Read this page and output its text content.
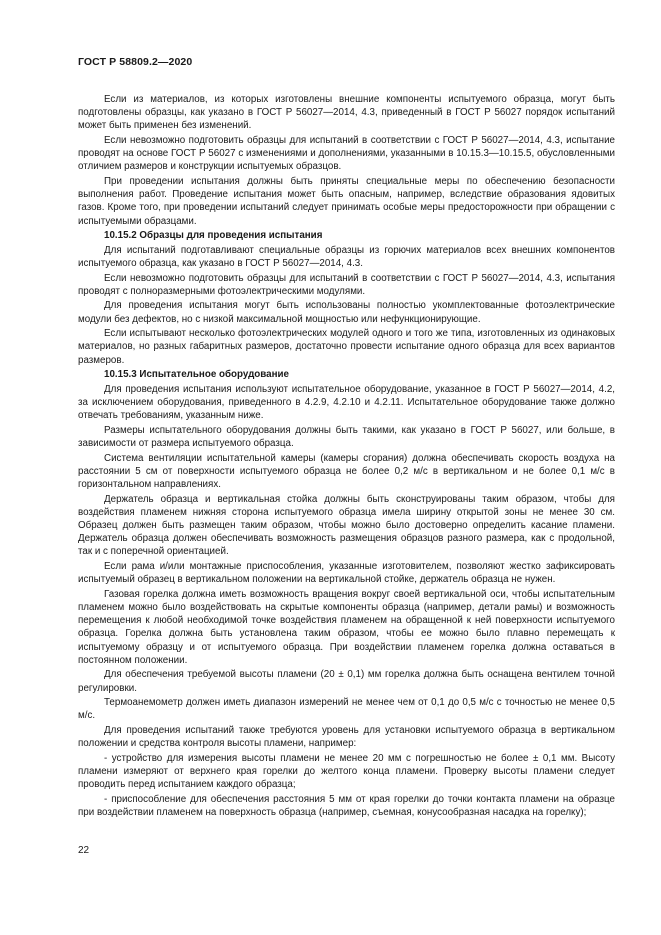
ГОСТ Р 58809.2—2020

Если из материалов, из которых изготовлены внешние компоненты испытуемого образца, могут быть подготовлены образцы, как указано в ГОСТ Р 56027—2014, 4.3, приведенный в ГОСТ Р 56027 порядок испытаний может быть применен без изменений.

Если невозможно подготовить образцы для испытаний в соответствии с ГОСТ Р 56027—2014, 4.3, испытание проводят на основе ГОСТ Р 56027 с изменениями и дополнениями, указанными в 10.15.3—10.15.5, обусловленными отличием размеров и конструкции испытуемых образцов.

При проведении испытания должны быть приняты специальные меры по обеспечению безопасности выполнения работ. Проведение испытания может быть опасным, например, вследствие образования ядовитых газов. Кроме того, при проведении испытаний следует принимать особые меры предосторожности при обращении с испытуемыми образцами.

10.15.2 Образцы для проведения испытания

Для испытаний подготавливают специальные образцы из горючих материалов всех внешних компонентов испытуемого образца, как указано в ГОСТ Р 56027—2014, 4.3.

Если невозможно подготовить образцы для испытаний в соответствии с ГОСТ Р 56027—2014, 4.3, испытания проводят с полноразмерными фотоэлектрическими модулями.

Для проведения испытания могут быть использованы полностью укомплектованные фотоэлектрические модули без дефектов, но с низкой максимальной мощностью или нефункционирующие.

Если испытывают несколько фотоэлектрических модулей одного и того же типа, изготовленных из одинаковых материалов, но разных габаритных размеров, достаточно провести испытание одного образца для всех вариантов размеров.

10.15.3 Испытательное оборудование

Для проведения испытания используют испытательное оборудование, указанное в ГОСТ Р 56027—2014, 4.2, за исключением оборудования, приведенного в 4.2.9, 4.2.10 и 4.2.11. Испытательное оборудование также должно отвечать требованиям, указанным ниже.

Размеры испытательного оборудования должны быть такими, как указано в ГОСТ Р 56027, или больше, в зависимости от размера испытуемого образца.

Система вентиляции испытательной камеры (камеры сгорания) должна обеспечивать скорость воздуха на расстоянии 5 см от поверхности испытуемого образца не более 0,2 м/с в вертикальном и не более 0,1 м/с в горизонтальном направлениях.

Держатель образца и вертикальная стойка должны быть сконструированы таким образом, чтобы для воздействия пламенем нижняя сторона испытуемого образца имела ширину открытой зоны не менее 30 см. Образец должен быть размещен таким образом, чтобы можно было достоверно определить касание пламени. Держатель образца должен обеспечивать возможность размещения образцов разного размера, как с продольной, так и с поперечной ориентацией.

Если рама и/или монтажные приспособления, указанные изготовителем, позволяют жестко зафиксировать испытуемый образец в вертикальном положении на вертикальной стойке, держатель образца не нужен.

Газовая горелка должна иметь возможность вращения вокруг своей вертикальной оси, чтобы испытательным пламенем можно было воздействовать на скрытые компоненты образца (например, детали рамы) и возможность перемещения к любой необходимой точке воздействия пламенем на обращенной к ней поверхности испытуемого образца. Горелка должна быть установлена таким образом, чтобы ее можно было плавно перемещать к испытуемому образцу и от испытуемого образца. При воздействии пламенем горелка должна оставаться в постоянном положении.

Для обеспечения требуемой высоты пламени (20 ± 0,1) мм горелка должна быть оснащена вентилем точной регулировки.

Термоанемометр должен иметь диапазон измерений не менее чем от 0,1 до 0,5 м/с с точностью не менее 0,5 м/с.

Для проведения испытаний также требуются уровень для установки испытуемого образца в вертикальном положении и средства контроля высоты пламени, например:

- устройство для измерения высоты пламени не менее 20 мм с погрешностью не более ± 0,1 мм. Высоту пламени измеряют от верхнего края горелки до желтого конца пламени. Проверку высоты пламени следует проводить перед испытанием каждого образца;

- приспособление для обеспечения расстояния 5 мм от края горелки до точки контакта пламени на образце при воздействии пламенем на поверхность образца (например, съемная, конусообразная насадка на горелку);

22
